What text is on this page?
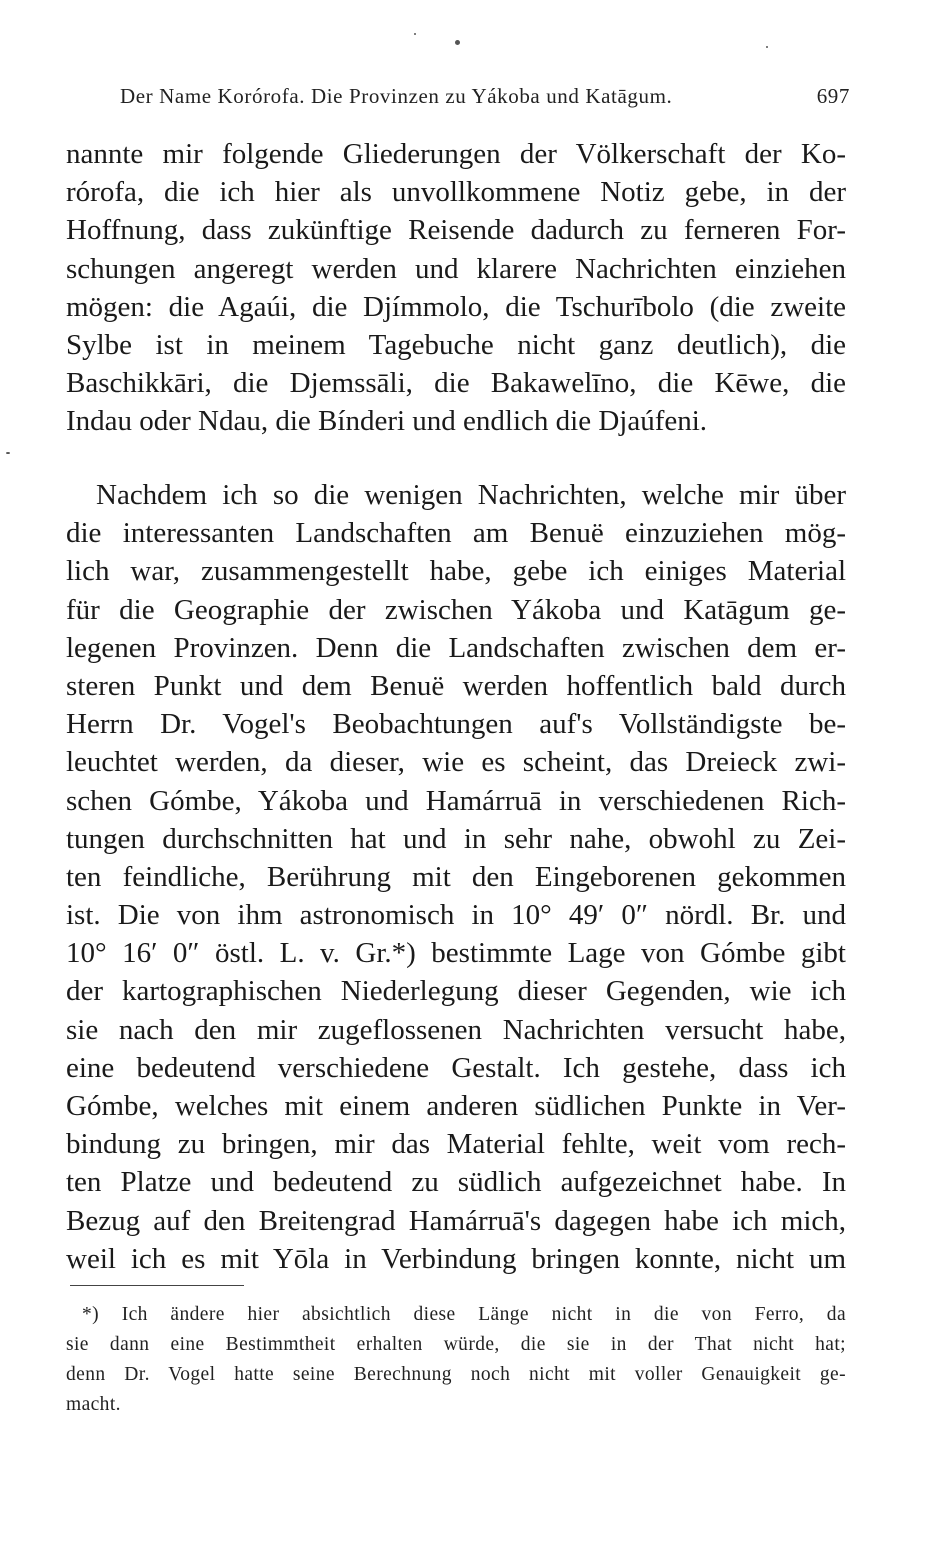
Der Name Korórofa. Die Provinzen zu Yákoba und Katāgum.	697
nannte mir folgende Gliederungen der Völkerschaft der Ko-
rórofa, die ich hier als unvollkommene Notiz gebe, in der
Hoffnung, dass zukünftige Reisende dadurch zu ferneren For-
schungen angeregt werden und klarere Nachrichten einziehen
mögen: die Agaúi, die Djímmolo, die Tschurībolo (die zweite
Sylbe ist in meinem Tagebuche nicht ganz deutlich), die
Baschikkāri, die Djemssāli, die Bakawelīno, die Kēwe, die
Indau oder Ndau, die Bínderi und endlich die Djaúfeni.
Nachdem ich so die wenigen Nachrichten, welche mir über
die interessanten Landschaften am Benuë einzuziehen mög-
lich war, zusammengestellt habe, gebe ich einiges Material
für die Geographie der zwischen Yákoba und Katāgum ge-
legenen Provinzen. Denn die Landschaften zwischen dem er-
steren Punkt und dem Benuë werden hoffentlich bald durch
Herrn Dr. Vogel's Beobachtungen auf's Vollständigste be-
leuchtet werden, da dieser, wie es scheint, das Dreieck zwi-
schen Gómbe, Yákoba und Hamárruā in verschiedenen Rich-
tungen durchschnitten hat und in sehr nahe, obwohl zu Zei-
ten feindliche, Berührung mit den Eingeborenen gekommen
ist. Die von ihm astronomisch in 10° 49′ 0″ nördl. Br. und
10° 16′ 0″ östl. L. v. Gr.*) bestimmte Lage von Gómbe gibt
der kartographischen Niederlegung dieser Gegenden, wie ich
sie nach den mir zugeflossenen Nachrichten versucht habe,
eine bedeutend verschiedene Gestalt. Ich gestehe, dass ich
Gómbe, welches mit einem anderen südlichen Punkte in Ver-
bindung zu bringen, mir das Material fehlte, weit vom rech-
ten Platze und bedeutend zu südlich aufgezeichnet habe. In
Bezug auf den Breitengrad Hamárruā's dagegen habe ich mich,
weil ich es mit Yōla in Verbindung bringen konnte, nicht um
*) Ich ändere hier absichtlich diese Länge nicht in die von Ferro, da
sie dann eine Bestimmtheit erhalten würde, die sie in der That nicht hat;
denn Dr. Vogel hatte seine Berechnung noch nicht mit voller Genauigkeit ge-
macht.
